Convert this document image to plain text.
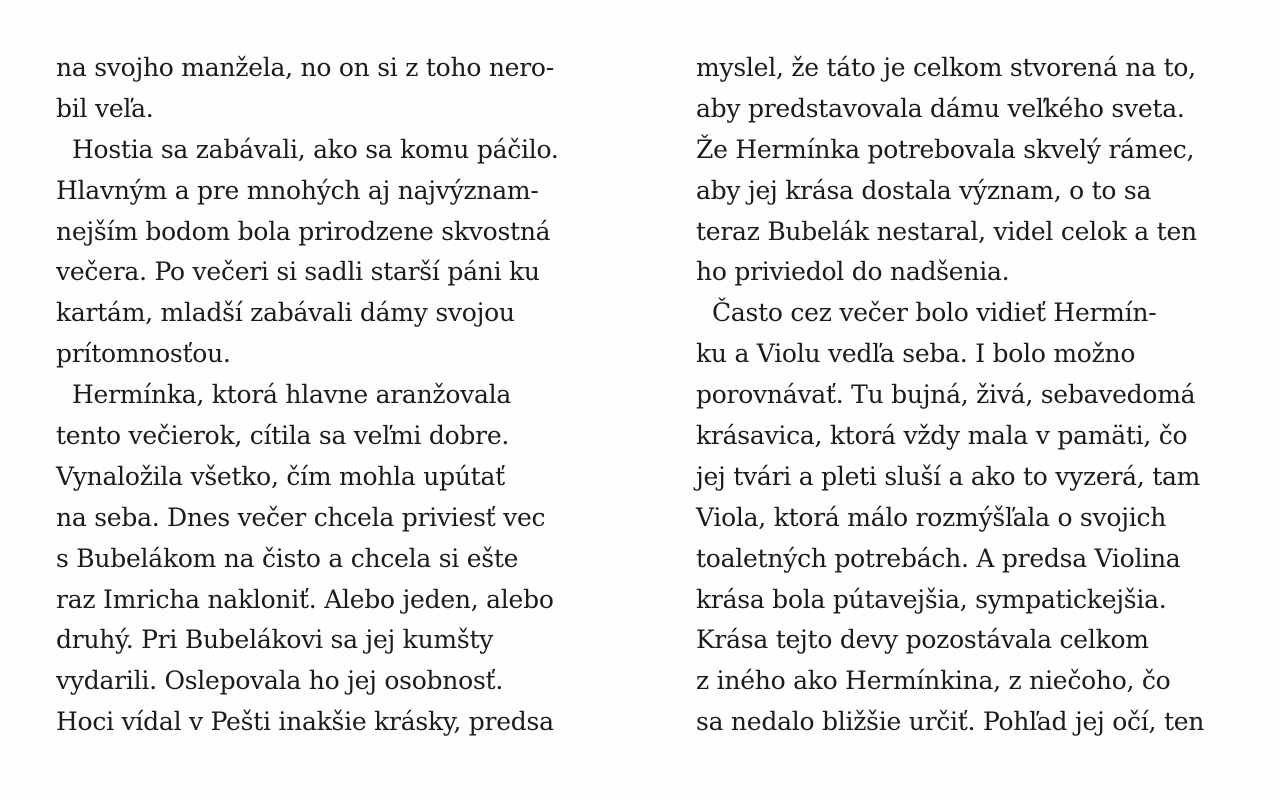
na svojho manžela, no on si z toho nero-
bil veľa.
Hostia sa zabávali, ako sa komu páčilo.
Hlavným a pre mnohých aj najvýznam-
nejším bodom bola prirodzene skvostná
večera. Po večeri si sadli starší páni ku
kartám, mladší zabávali dámy svojou
prítomnosťou.
Hermínka, ktorá hlavne aranžovala
tento večierok, cítila sa veľmi dobre.
Vynaložila všetko, čím mohla upútať
na seba. Dnes večer chcela priviesť vec
s Bubelákom na čisto a chcela si ešte
raz Imricha nakloniť. Alebo jeden, alebo
druhý. Pri Bubelákovi sa jej kumšty
vydarili. Oslepovala ho jej osobnosť.
Hoci vídal v Pešti inakšie krásky, predsa
myslel, že táto je celkom stvorená na to,
aby predstavovala dámu veľkého sveta.
Že Hermínka potrebovala skvelý rámec,
aby jej krása dostala význam, o to sa
teraz Bubelák nestaral, videl celok a ten
ho priviedol do nadšenia.
Často cez večer bolo vidieť Hermín-
ku a Violu vedľa seba. I bolo možno
porovnávať. Tu bujná, živá, sebavedomá
krásavica, ktorá vždy mala v pamäti, čo
jej tvári a pleti sluší a ako to vyzerá, tam
Viola, ktorá málo rozmýšľala o svojich
toaletných potrebách. A predsa Violina
krása bola pútavejšia, sympatickejšia.
Krása tejto devy pozostávala celkom
z iného ako Hermínkina, z niečoho, čo
sa nedalo bližšie určiť. Pohľad jej očí, ten
